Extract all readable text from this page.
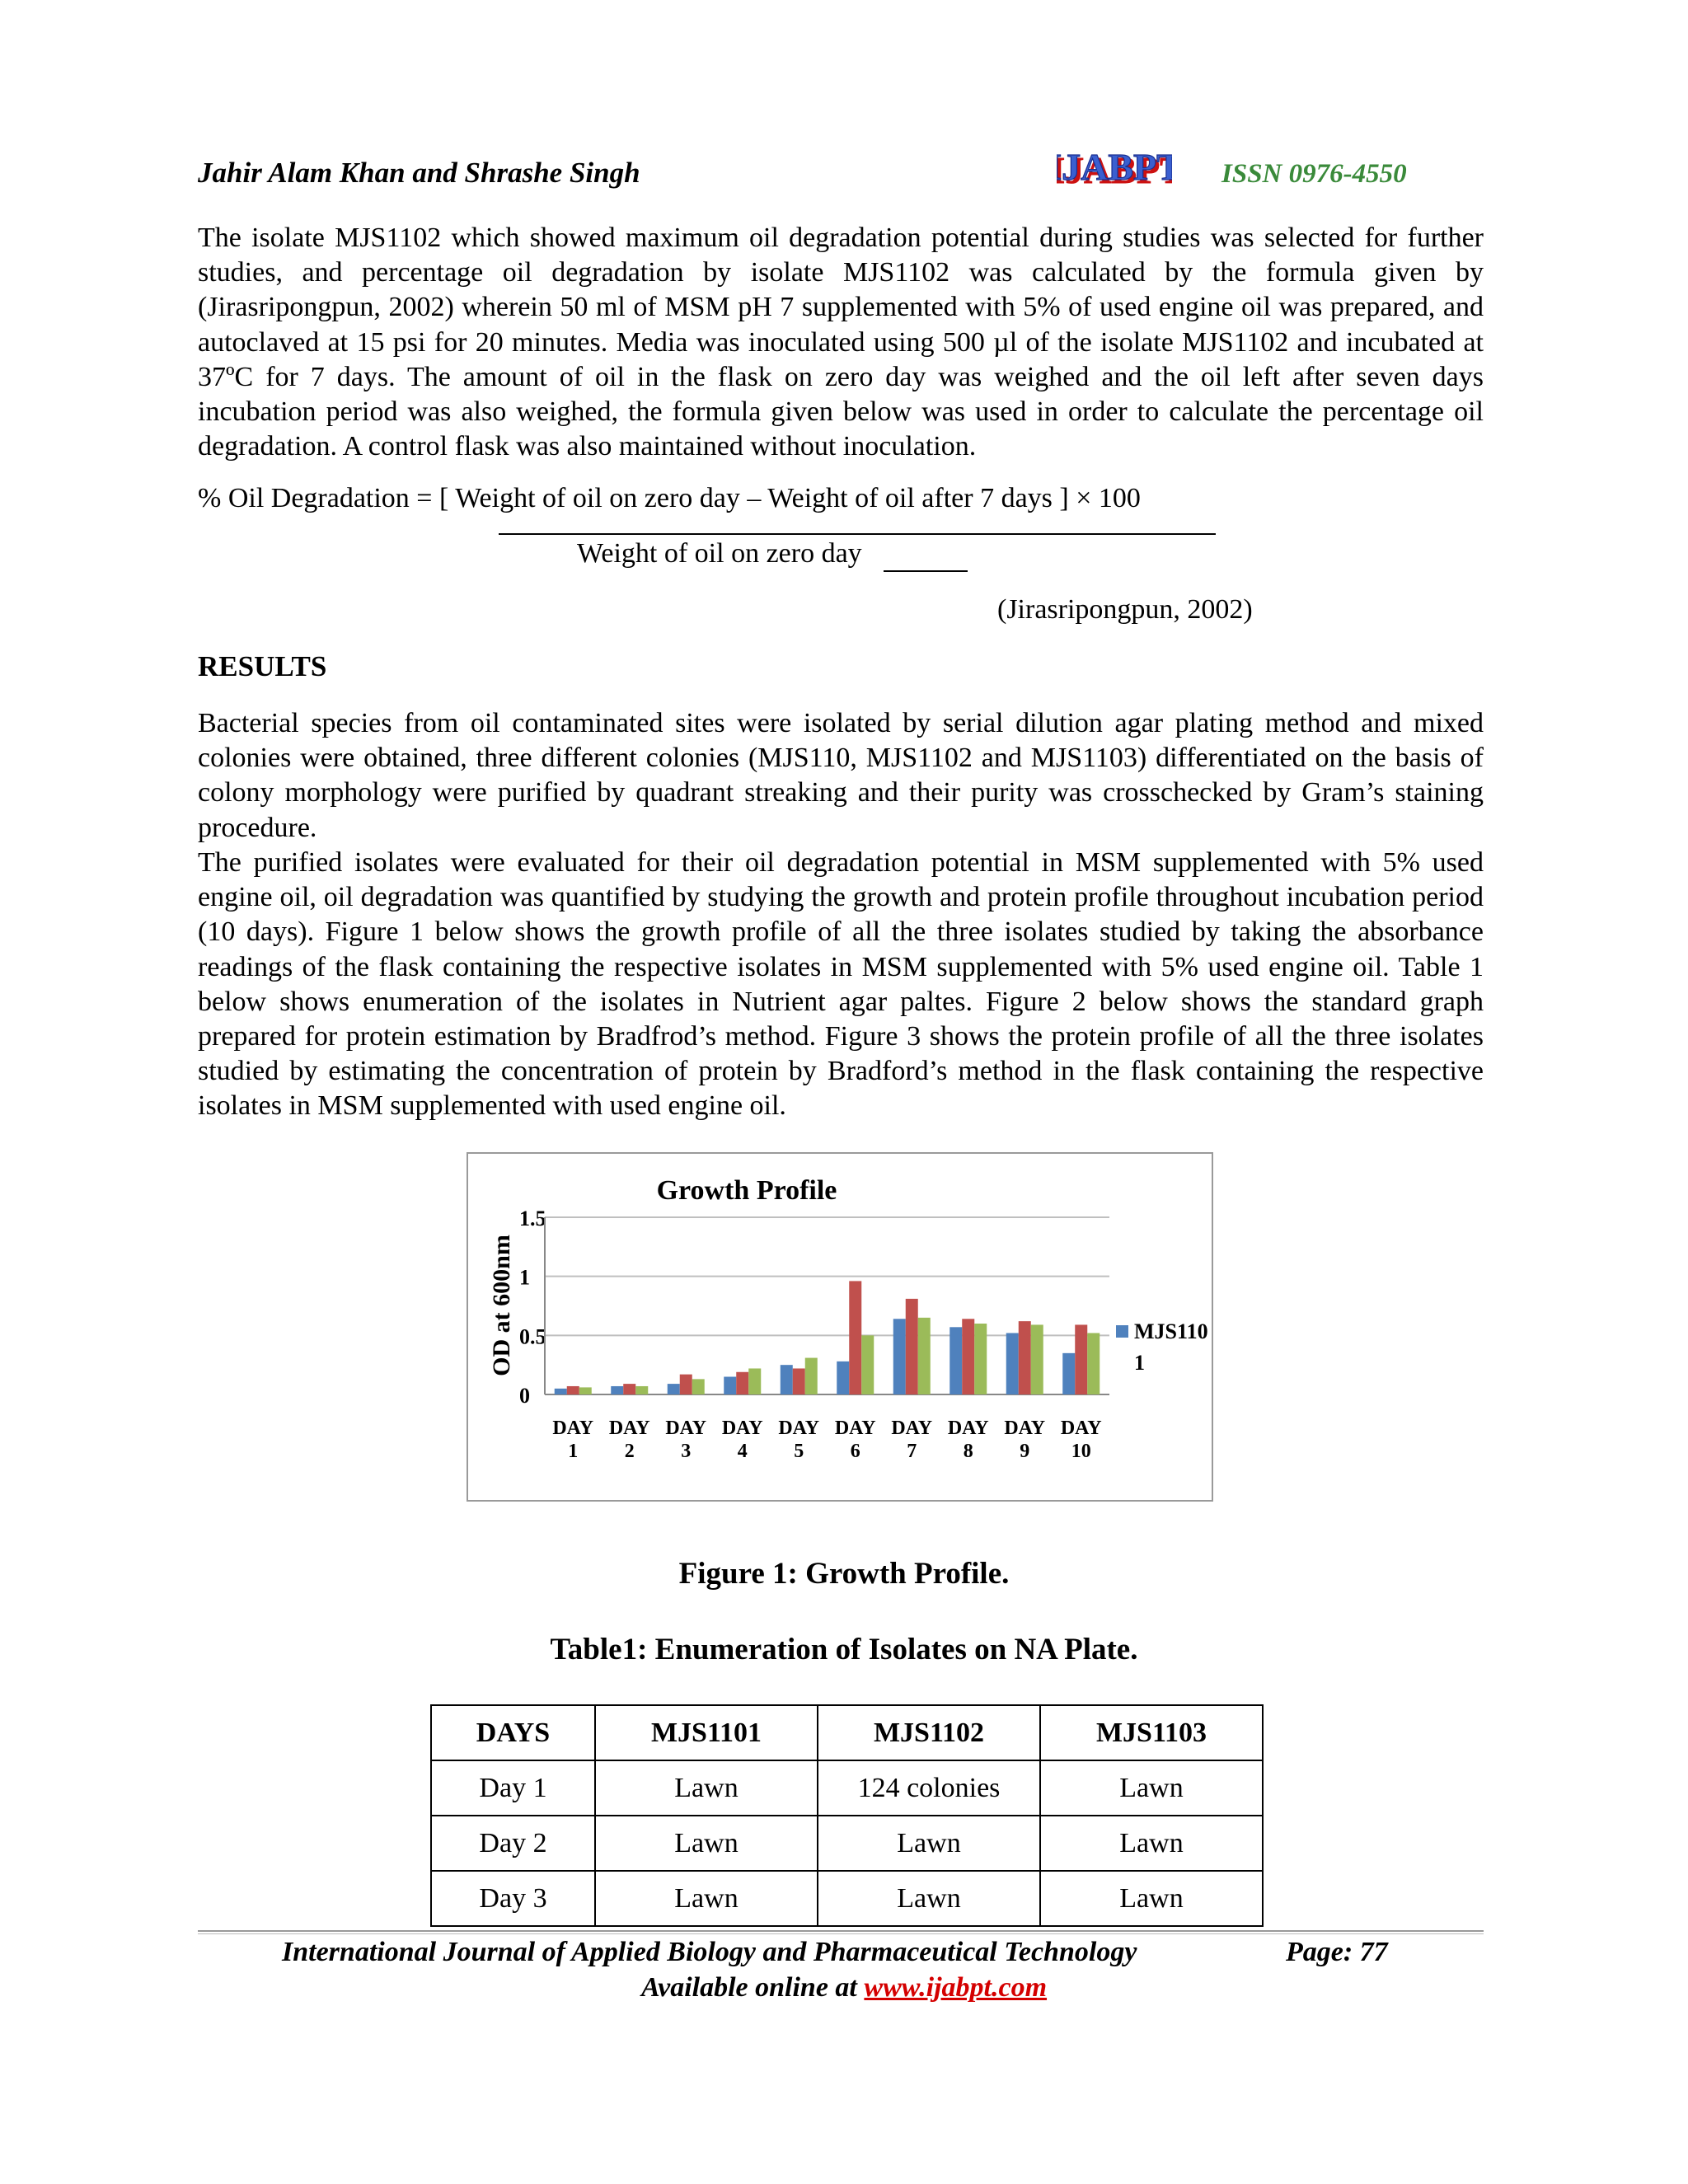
Jahir Alam Khan and Shrashe Singh	IJABP
JABPT ISSN 0976-4550

The isolate MJS1102 which showed maximum oil degradation potential during studies was selected for further studies, and percentage oil degradation by isolate MJS1102 was calculated by the formula given by (Jirasripongpun, 2002) wherein 50 ml of MSM pH 7 supplemented with 5% of used engine oil was prepared, and autoclaved at 15 psi for 20 minutes. Media was inoculated using 500 µl of the isolate MJS1102 and incubated at 37ºC for 7 days. The amount of oil in the flask on zero day was weighed and the oil left after seven days incubation period was also weighed, the formula given below was used in order to calculate the percentage oil degradation. A control flask was also maintained without inoculation.

% Oil Degradation = [ Weight of oil on zero day – Weight of oil after 7 days ] × 100
Weight of oil on zero day
(Jirasripongpun, 2002)
RESULTS

Bacterial species from oil contaminated sites were isolated by serial dilution agar plating method and mixed colonies were obtained, three different colonies (MJS110, MJS1102 and MJS1103) differentiated on the basis of colony morphology were purified by quadrant streaking and their purity was crosschecked by Gram’s staining procedure.

The purified isolates were evaluated for their oil degradation potential in MSM supplemented with 5% used engine oil, oil degradation was quantified by studying the growth and protein profile throughout incubation period (10 days). Figure 1 below shows the growth profile of all the three isolates studied by taking the absorbance readings of the flask containing the respective isolates in MSM supplemented with 5% used engine oil. Table 1 below shows enumeration of the isolates in Nutrient agar paltes. Figure 2 below shows the standard graph prepared for protein estimation by Bradfrod’s method. Figure 3 shows the protein profile of all the three isolates studied by estimating the concentration of protein by Bradford’s method in the flask containing the respective isolates in MSM supplemented with used engine oil.

Growth Profile
0
0.5
1
1.5
OD at 600nm
DAY
1
DAY
2
DAY
3
DAY
4
DAY
5
DAY
6
DAY
7
DAY
8
DAY
9
DAY
10
MJS110
1
Figure 1: Growth Profile.
Table1: Enumeration of Isolates on NA Plate.
DAYS	MJS1101	MJS1102	MJS1103
Day 1	Lawn	124 colonies	Lawn
Day 2	Lawn	Lawn	Lawn
Day 3	Lawn	Lawn	Lawn
International Journal of Applied Biology and Pharmaceutical Technology	Page: 77
Available online at www.ijabpt.com
